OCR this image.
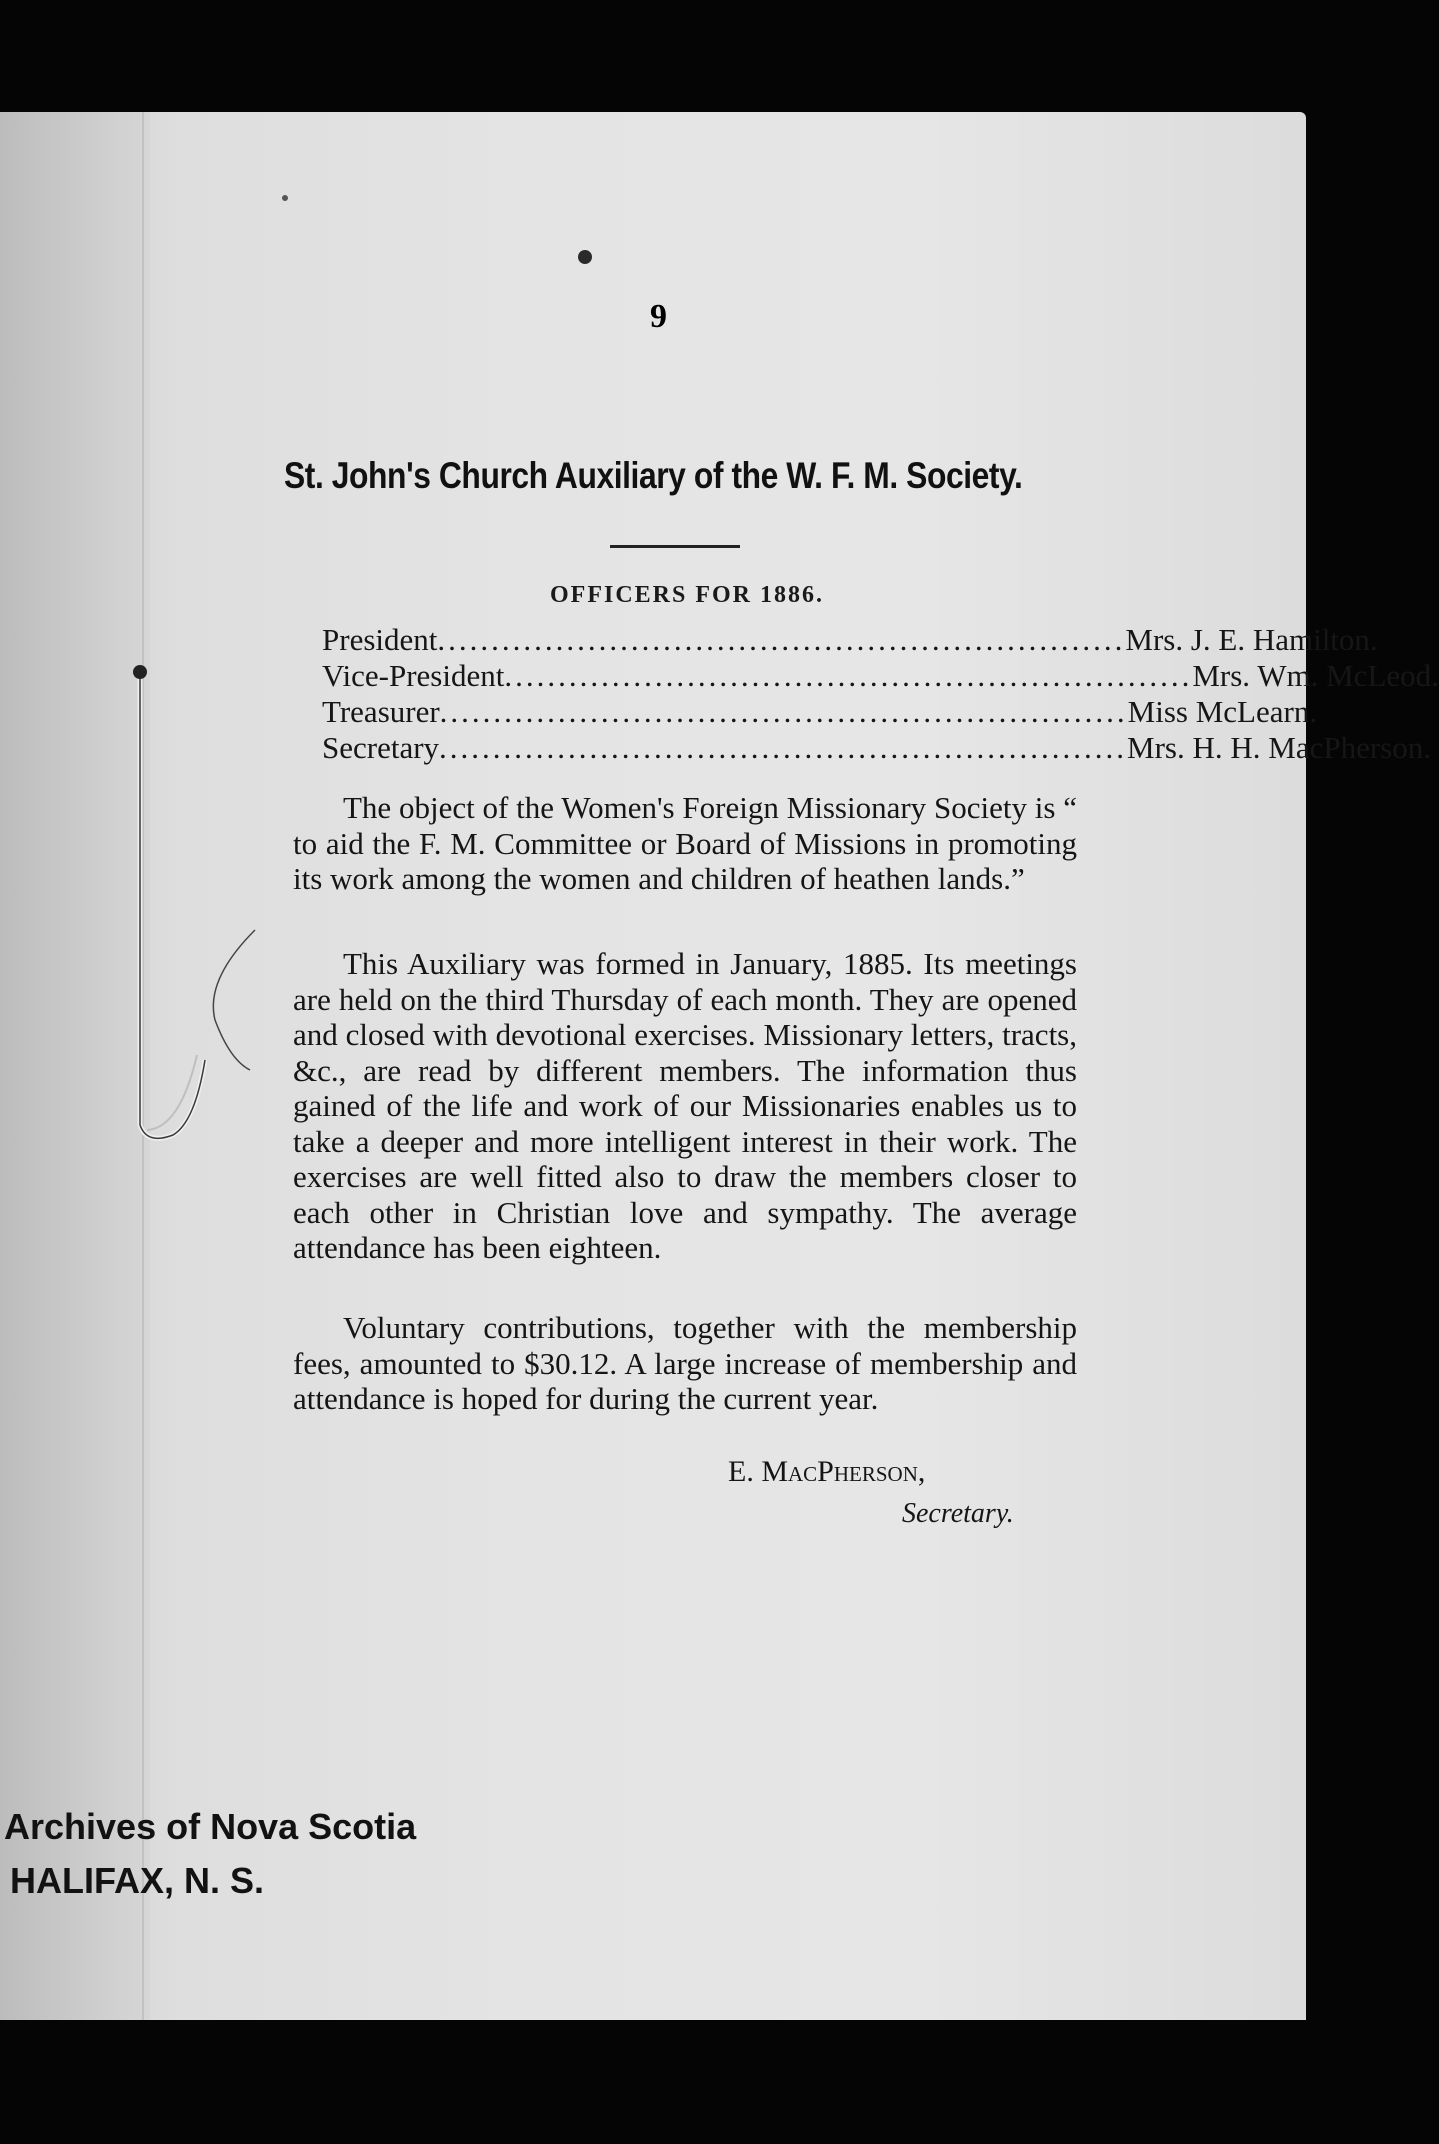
9
St. John's Church Auxiliary of the W. F. M. Society.
OFFICERS FOR 1886.
President ................................................................ Mrs. J. E. Hamilton.
Vice-President ................................................................ Mrs. Wm. McLeod.
Treasurer ................................................................ Miss McLearn.
Secretary ................................................................ Mrs. H. H. MacPherson.

The object of the Women's Foreign Missionary Society is “ to aid the F. M. Committee or Board of Missions in promoting its work among the women and children of heathen lands.”

This Auxiliary was formed in January, 1885. Its meetings are held on the third Thursday of each month. They are opened and closed with devotional exercises. Missionary letters, tracts, &c., are read by different members. The information thus gained of the life and work of our Missionaries enables us to take a deeper and more intelligent interest in their work. The exercises are well fitted also to draw the members closer to each other in Christian love and sympathy. The average attendance has been eighteen.

Voluntary contributions, together with the membership fees, amounted to $30.12. A large increase of membership and attendance is hoped for during the current year.

E. MacPherson,
Secretary.
Archives of Nova Scotia
HALIFAX, N. S.
